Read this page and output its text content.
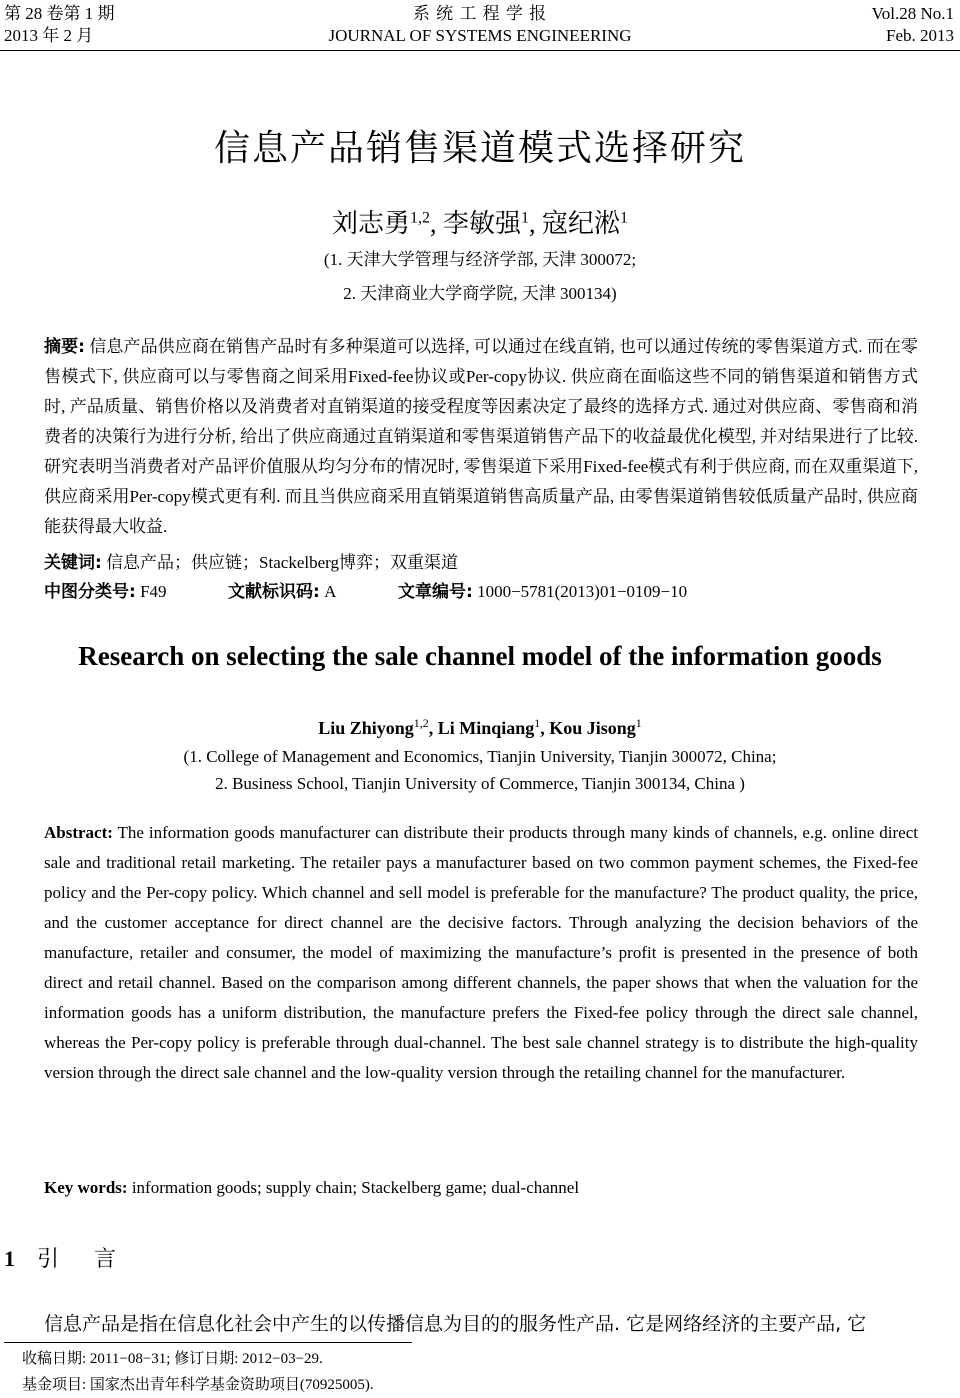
第 28 卷第 1 期	系 统 工 程 学 报	Vol.28 No.1
2013 年 2 月	JOURNAL OF SYSTEMS ENGINEERING	Feb. 2013
信息产品销售渠道模式选择研究
刘志勇$^{1,2}$, 李敏强$^1$, 寇纪淞$^1$
(1. 天津大学管理与经济学部, 天津 300072;
2. 天津商业大学商学院, 天津 300134)
摘要: 信息产品供应商在销售产品时有多种渠道可以选择, 可以通过在线直销, 也可以通过传统的零售渠道方式. 而在零售模式下, 供应商可以与零售商之间采用Fixed-fee协议或Per-copy协议. 供应商在面临这些不同的销售渠道和销售方式时, 产品质量、销售价格以及消费者对直销渠道的接受程度等因素决定了最终的选择方式. 通过对供应商、零售商和消费者的决策行为进行分析, 给出了供应商通过直销渠道和零售渠道销售产品下的收益最优化模型, 并对结果进行了比较. 研究表明当消费者对产品评价值服从均匀分布的情况时, 零售渠道下采用Fixed-fee模式有利于供应商, 而在双重渠道下, 供应商采用Per-copy模式更有利. 而且当供应商采用直销渠道销售高质量产品, 由零售渠道销售较低质量产品时, 供应商能获得最大收益.
关键词: 信息产品；供应链；Stackelberg博弈；双重渠道
中图分类号: F49	文献标识码: A	文章编号: 1000−5781(2013)01−0109−10
Research on selecting the sale channel model of the information goods
Liu Zhiyong$^{1,2}$, Li Minqiang$^1$, Kou Jisong$^1$
(1. College of Management and Economics, Tianjin University, Tianjin 300072, China;
2. Business School, Tianjin University of Commerce, Tianjin 300134, China )
Abstract: The information goods manufacturer can distribute their products through many kinds of channels, e.g. online direct sale and traditional retail marketing. The retailer pays a manufacturer based on two common payment schemes, the Fixed-fee policy and the Per-copy policy. Which channel and sell model is preferable for the manufacture? The product quality, the price, and the customer acceptance for direct channel are the decisive factors. Through analyzing the decision behaviors of the manufacture, retailer and consumer, the model of maximizing the manufacture’s profit is presented in the presence of both direct and retail channel. Based on the comparison among different channels, the paper shows that when the valuation for the information goods has a uniform distribution, the manufacture prefers the Fixed-fee policy through the direct sale channel, whereas the Per-copy policy is preferable through dual-channel. The best sale channel strategy is to distribute the high-quality version through the direct sale channel and the low-quality version through the retailing channel for the manufacturer.
Key words: information goods; supply chain; Stackelberg game; dual-channel
1 引 言
信息产品是指在信息化社会中产生的以传播信息为目的的服务性产品. 它是网络经济的主要产品, 它
收稿日期: 2011−08−31; 修订日期: 2012−03−29.
基金项目: 国家杰出青年科学基金资助项目(70925005).
